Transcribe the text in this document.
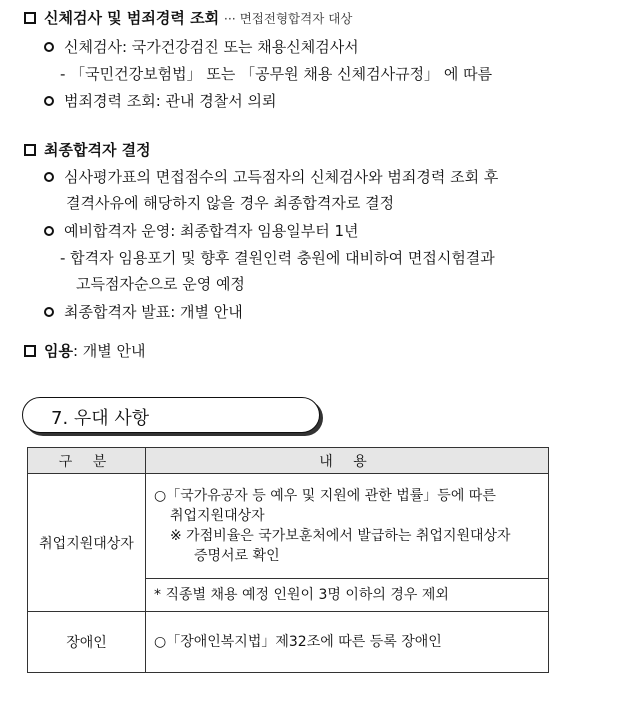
신체검사 및 범죄경력 조회 ··· 면접전형합격자 대상
신체검사: 국가건강검진 또는 채용신체검사서
- 「국민건강보험법」 또는 「공무원 채용 신체검사규정」 에 따름
범죄경력 조회: 관내 경찰서 의뢰
최종합격자 결정
심사평가표의 면접점수의 고득점자의 신체검사와 범죄경력 조회 후
결격사유에 해당하지 않을 경우 최종합격자로 결정
예비합격자 운영: 최종합격자 임용일부터 1년
- 합격자 임용포기 및 향후 결원인력 충원에 대비하여 면접시험결과
고득점자순으로 운영 예정
최종합격자 발표: 개별 안내
임용: 개별 안내
7. 우대 사항
구 분	내 용
취업지원대상자	○「국가유공자 등 예우 및 지원에 관한 법률」등에 따른
취업지원대상자
※ 가점비율은 국가보훈처에서 발급하는 취업지원대상자
증명서로 확인

	* 직종별 채용 예정 인원이 3명 이하의 경우 제외
장애인	○「장애인복지법」제32조에 따른 등록 장애인
